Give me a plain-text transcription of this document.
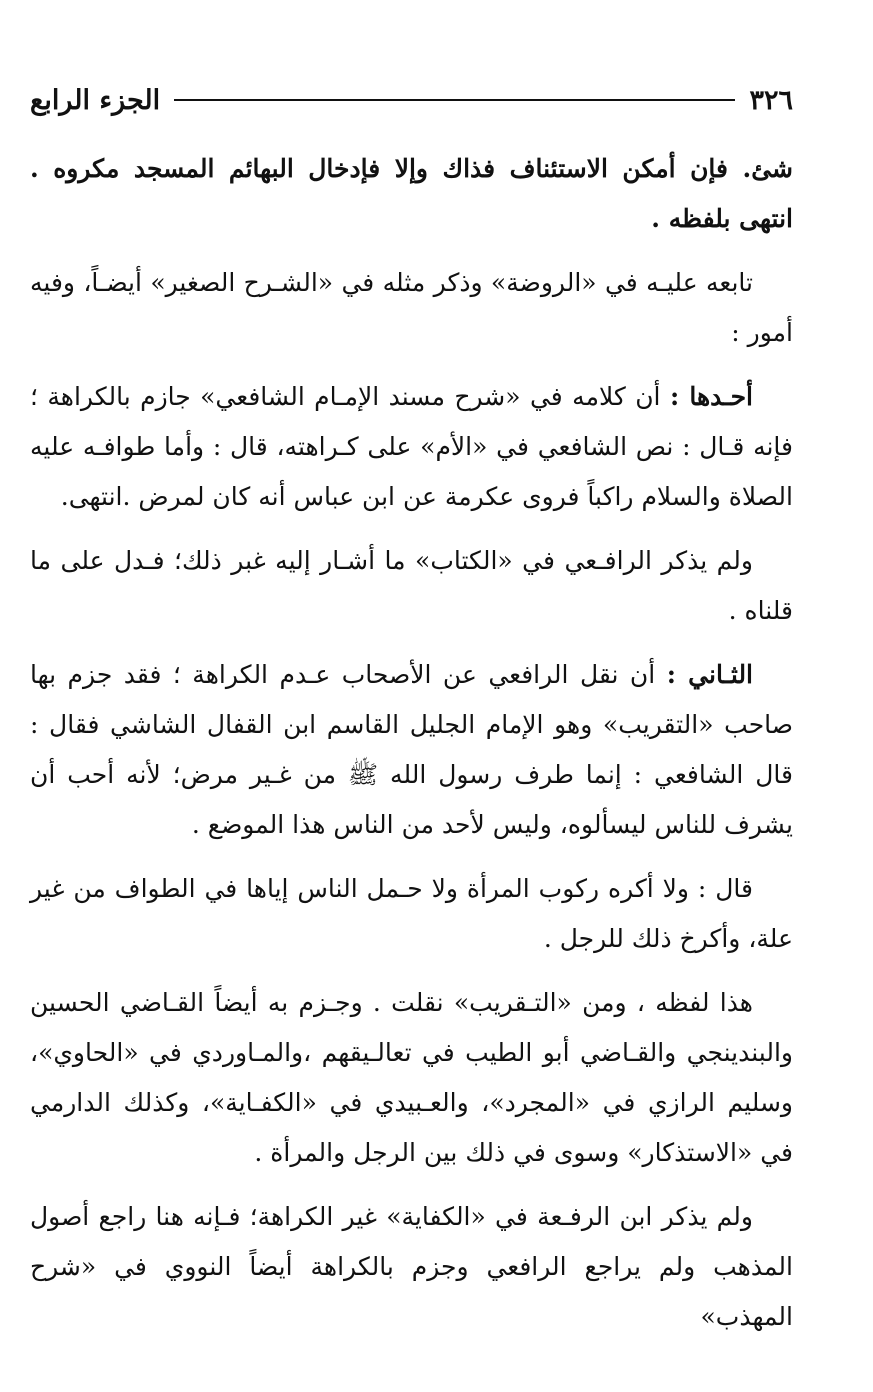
٣٢٦
الجزء الرابع

شئ. فإن أمكن الاستئناف فذاك وإلا فإدخال البهائم المسجد مكروه . انتهى بلفظه .

تابعه عليـه في «الروضة» وذكر مثله في «الشـرح الصغير» أيضـاً، وفيه أمور :

أحـدها : أن كلامه في «شرح مسند الإمـام الشافعي» جازم بالكراهة ؛ فإنه قـال : نص الشافعي في «الأم» على كـراهته، قال : وأما طوافـه عليه الصلاة والسلام راكباً فروى عكرمة عن ابن عباس أنه كان لمرض .انتهى.

ولم يذكر الرافـعي في «الكتاب» ما أشـار إليه غبر ذلك؛ فـدل على ما قلناه .

الثـاني : أن نقل الرافعي عن الأصحاب عـدم الكراهة ؛ فقد جزم بها صاحب «التقريب» وهو الإمام الجليل القاسم ابن القفال الشاشي فقال : قال الشافعي : إنما طرف رسول الله ﷺ من غـير مرض؛ لأنه أحب أن يشرف للناس ليسألوه، وليس لأحد من الناس هذا الموضع .

قال : ولا أكره ركوب المرأة ولا حـمل الناس إياها في الطواف من غير علة، وأكرخ ذلك للرجل .

هذا لفظه ، ومن «التـقريب» نقلت . وجـزم به أيضاً القـاضي الحسين والبندينجي والقـاضي أبو الطيب في تعالـيقهم ،والمـاوردي في «الحاوي»، وسليم الرازي في «المجرد»، والعـبيدي في «الكفـاية»، وكذلك الدارمي في «الاستذكار» وسوى في ذلك بين الرجل والمرأة .

ولم يذكر ابن الرفـعة في «الكفاية» غير الكراهة؛ فـإنه هنا راجع أصول المذهب ولم يراجع الرافعي وجزم بالكراهة أيضاً النووي في «شرح المهذب»
